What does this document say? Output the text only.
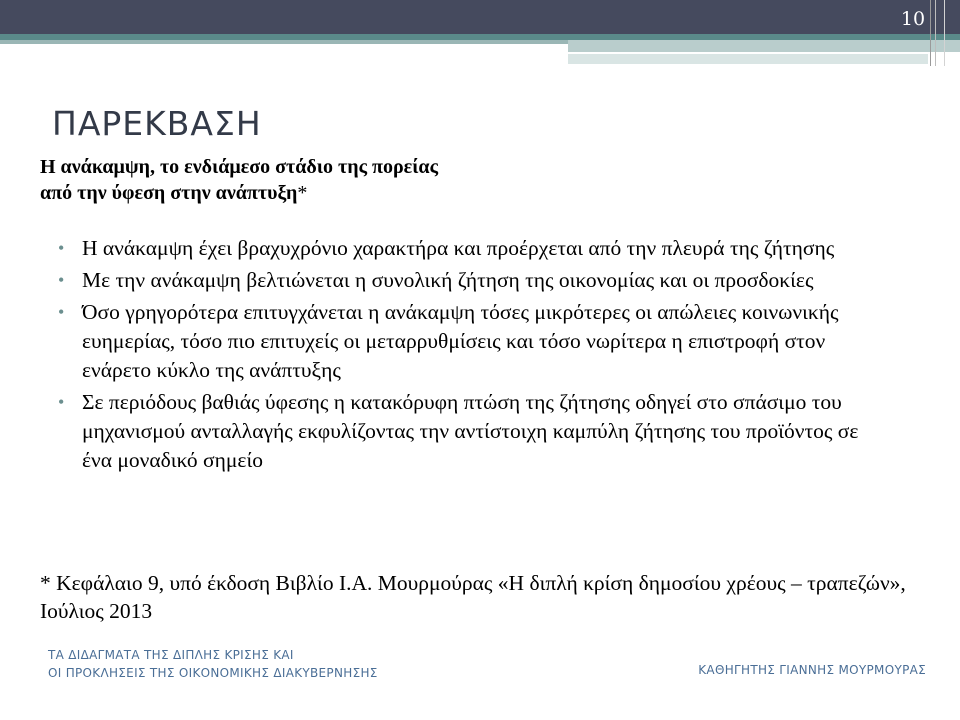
10
ΠΑΡΕΚΒΑΣΗ
Η ανάκαμψη, το ενδιάμεσο στάδιο της πορείας
από την ύφεση στην ανάπτυξη*
• Η ανάκαμψη έχει βραχυχρόνιο χαρακτήρα και προέρχεται από την πλευρά της ζήτησης
• Με την ανάκαμψη βελτιώνεται η συνολική ζήτηση της οικονομίας και οι προσδοκίες
• Όσο γρηγορότερα επιτυγχάνεται η ανάκαμψη τόσες μικρότερες οι απώλειες κοινωνικής ευημερίας, τόσο πιο επιτυχείς οι μεταρρυθμίσεις και τόσο νωρίτερα η επιστροφή στον ενάρετο κύκλο της ανάπτυξης
• Σε περιόδους βαθιάς ύφεσης η κατακόρυφη πτώση της ζήτησης οδηγεί στο σπάσιμο του μηχανισμού ανταλλαγής εκφυλίζοντας την αντίστοιχη καμπύλη ζήτησης του προϊόντος σε ένα μοναδικό σημείο
* Κεφάλαιο 9, υπό έκδοση Βιβλίο Ι.Α. Μουρμούρας «Η διπλή κρίση δημοσίου χρέους – τραπεζών», Ιούλιος 2013
ΤΑ ΔΙΔΑΓΜΑΤΑ ΤΗΣ ΔΙΠΛΗΣ ΚΡΙΣΗΣ ΚΑΙ
ΟΙ ΠΡΟΚΛΗΣΕΙΣ ΤΗΣ ΟΙΚΟΝΟΜΙΚΗΣ ΔΙΑΚΥΒΕΡΝΗΣΗΣ	ΚΑΘΗΓΗΤΗΣ ΓΙΑΝΝΗΣ ΜΟΥΡΜΟΥΡΑΣ
